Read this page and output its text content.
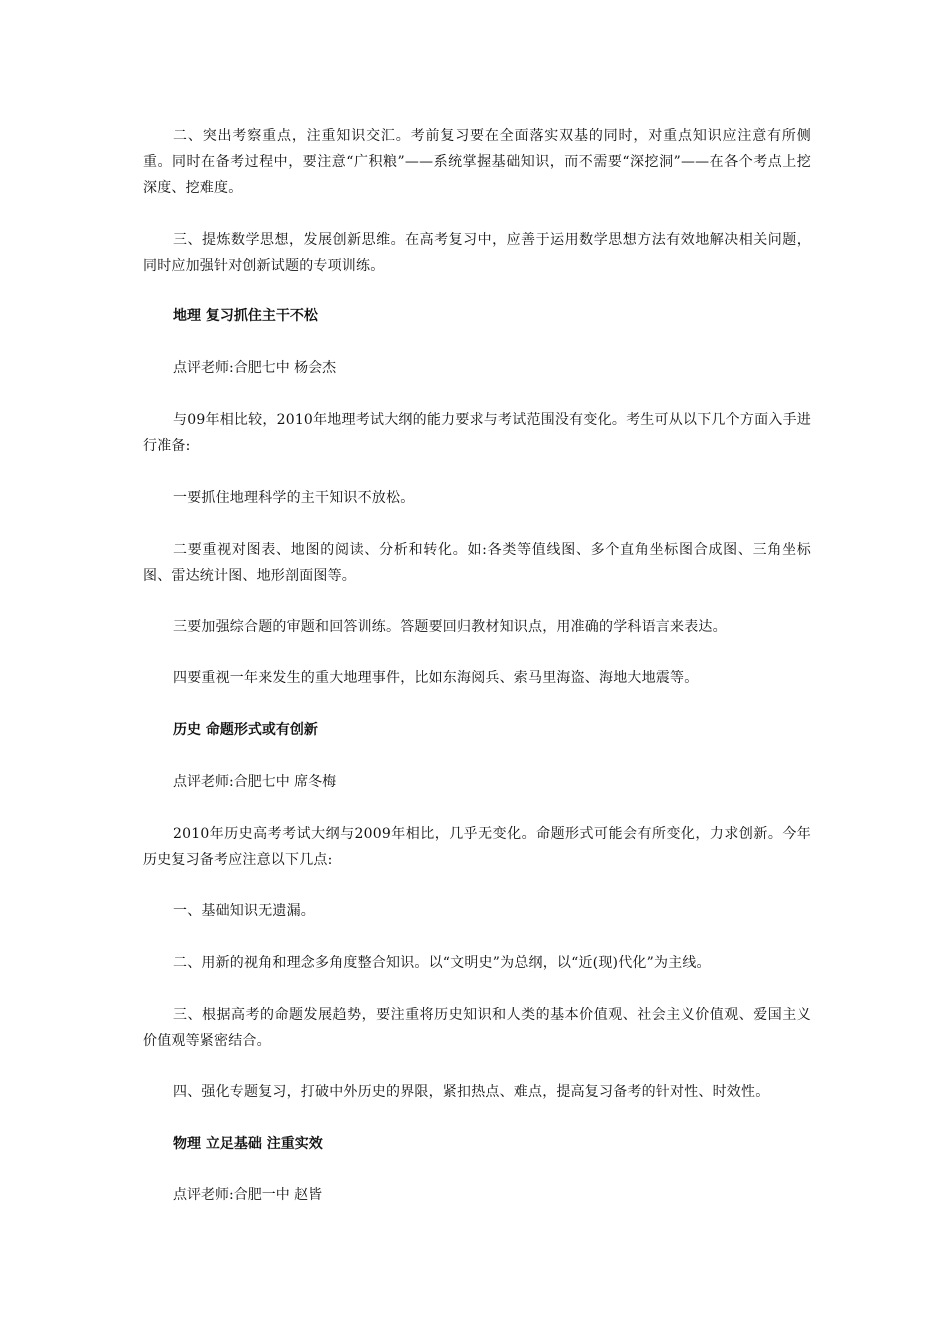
二、突出考察重点，注重知识交汇。考前复习要在全面落实双基的同时，对重点知识应注意有所侧重。同时在备考过程中，要注意“广积粮”——系统掌握基础知识，而不需要“深挖洞”——在各个考点上挖深度、挖难度。

三、提炼数学思想，发展创新思维。在高考复习中，应善于运用数学思想方法有效地解决相关问题，同时应加强针对创新试题的专项训练。

地理 复习抓住主干不松

点评老师:合肥七中 杨会杰

与09年相比较，2010年地理考试大纲的能力要求与考试范围没有变化。考生可从以下几个方面入手进行准备:

一要抓住地理科学的主干知识不放松。

二要重视对图表、地图的阅读、分析和转化。如:各类等值线图、多个直角坐标图合成图、三角坐标图、雷达统计图、地形剖面图等。

三要加强综合题的审题和回答训练。答题要回归教材知识点，用准确的学科语言来表达。

四要重视一年来发生的重大地理事件，比如东海阅兵、索马里海盗、海地大地震等。

历史 命题形式或有创新

点评老师:合肥七中 席冬梅

2010年历史高考考试大纲与2009年相比，几乎无变化。命题形式可能会有所变化，力求创新。今年历史复习备考应注意以下几点:

一、基础知识无遗漏。

二、用新的视角和理念多角度整合知识。以“文明史”为总纲，以“近(现)代化”为主线。

三、根据高考的命题发展趋势，要注重将历史知识和人类的基本价值观、社会主义价值观、爱国主义价值观等紧密结合。

四、强化专题复习，打破中外历史的界限，紧扣热点、难点，提高复习备考的针对性、时效性。

物理 立足基础 注重实效

点评老师:合肥一中 赵皆
